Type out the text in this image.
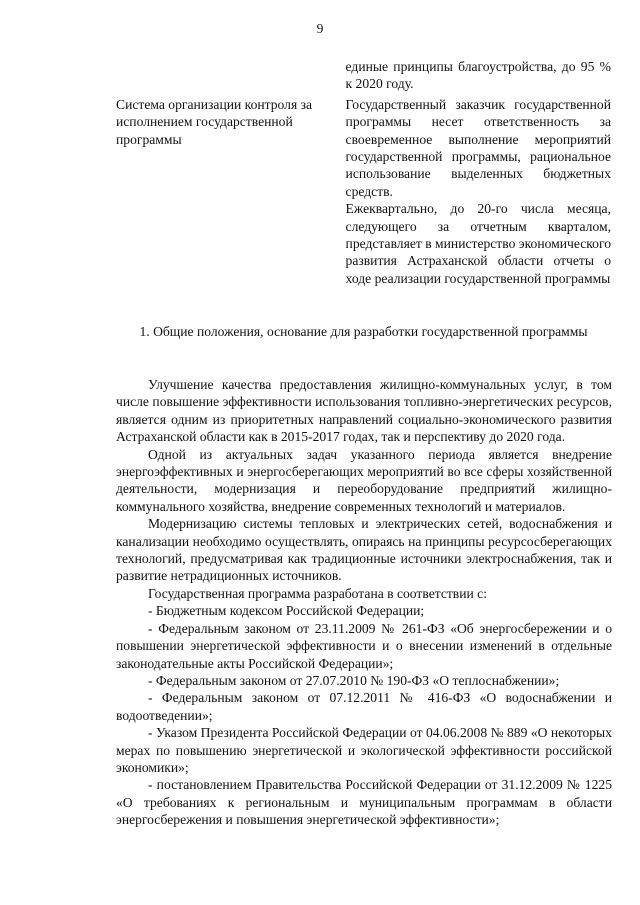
9

единые принципы благоустройства, до 95 % к 2020 году.

Система организации контроля за исполнением государственной программы

Государственный заказчик государственной программы несет ответственность за своевременное выполнение мероприятий государственной программы, рациональное использование выделенных бюджетных средств.

Ежеквартально, до 20-го числа месяца, следующего за отчетным кварталом, представляет в министерство экономического развития Астраханской области отчеты о ходе реализации государственной программы

1. Общие положения, основание для разработки государственной программы

Улучшение качества предоставления жилищно-коммунальных услуг, в том числе повышение эффективности использования топливно-энергетических ресурсов, является одним из приоритетных направлений социально-экономического развития Астраханской области как в 2015-2017 годах, так и перспективу до 2020 года.

Одной из актуальных задач указанного периода является внедрение энергоэффективных и энергосберегающих мероприятий во все сферы хозяйственной деятельности, модернизация и переоборудование предприятий жилищно-коммунального хозяйства, внедрение современных технологий и материалов.

Модернизацию системы тепловых и электрических сетей, водоснабжения и канализации необходимо осуществлять, опираясь на принципы ресурсосберегающих технологий, предусматривая как традиционные источники электроснабжения, так и развитие нетрадиционных источников.

Государственная программа разработана в соответствии с:

- Бюджетным кодексом Российской Федерации;

- Федеральным законом от 23.11.2009 № 261-ФЗ «Об энергосбережении и о повышении энергетической эффективности и о внесении изменений в отдельные законодательные акты Российской Федерации»;

- Федеральным законом от 27.07.2010 № 190-ФЗ «О теплоснабжении»;

- Федеральным законом от 07.12.2011 № 416-ФЗ «О водоснабжении и водоотведении»;

- Указом Президента Российской Федерации от 04.06.2008 № 889 «О некоторых мерах по повышению энергетической и экологической эффективности российской экономики»;

- постановлением Правительства Российской Федерации от 31.12.2009 № 1225 «О требованиях к региональным и муниципальным программам в области энергосбережения и повышения энергетической эффективности»;
